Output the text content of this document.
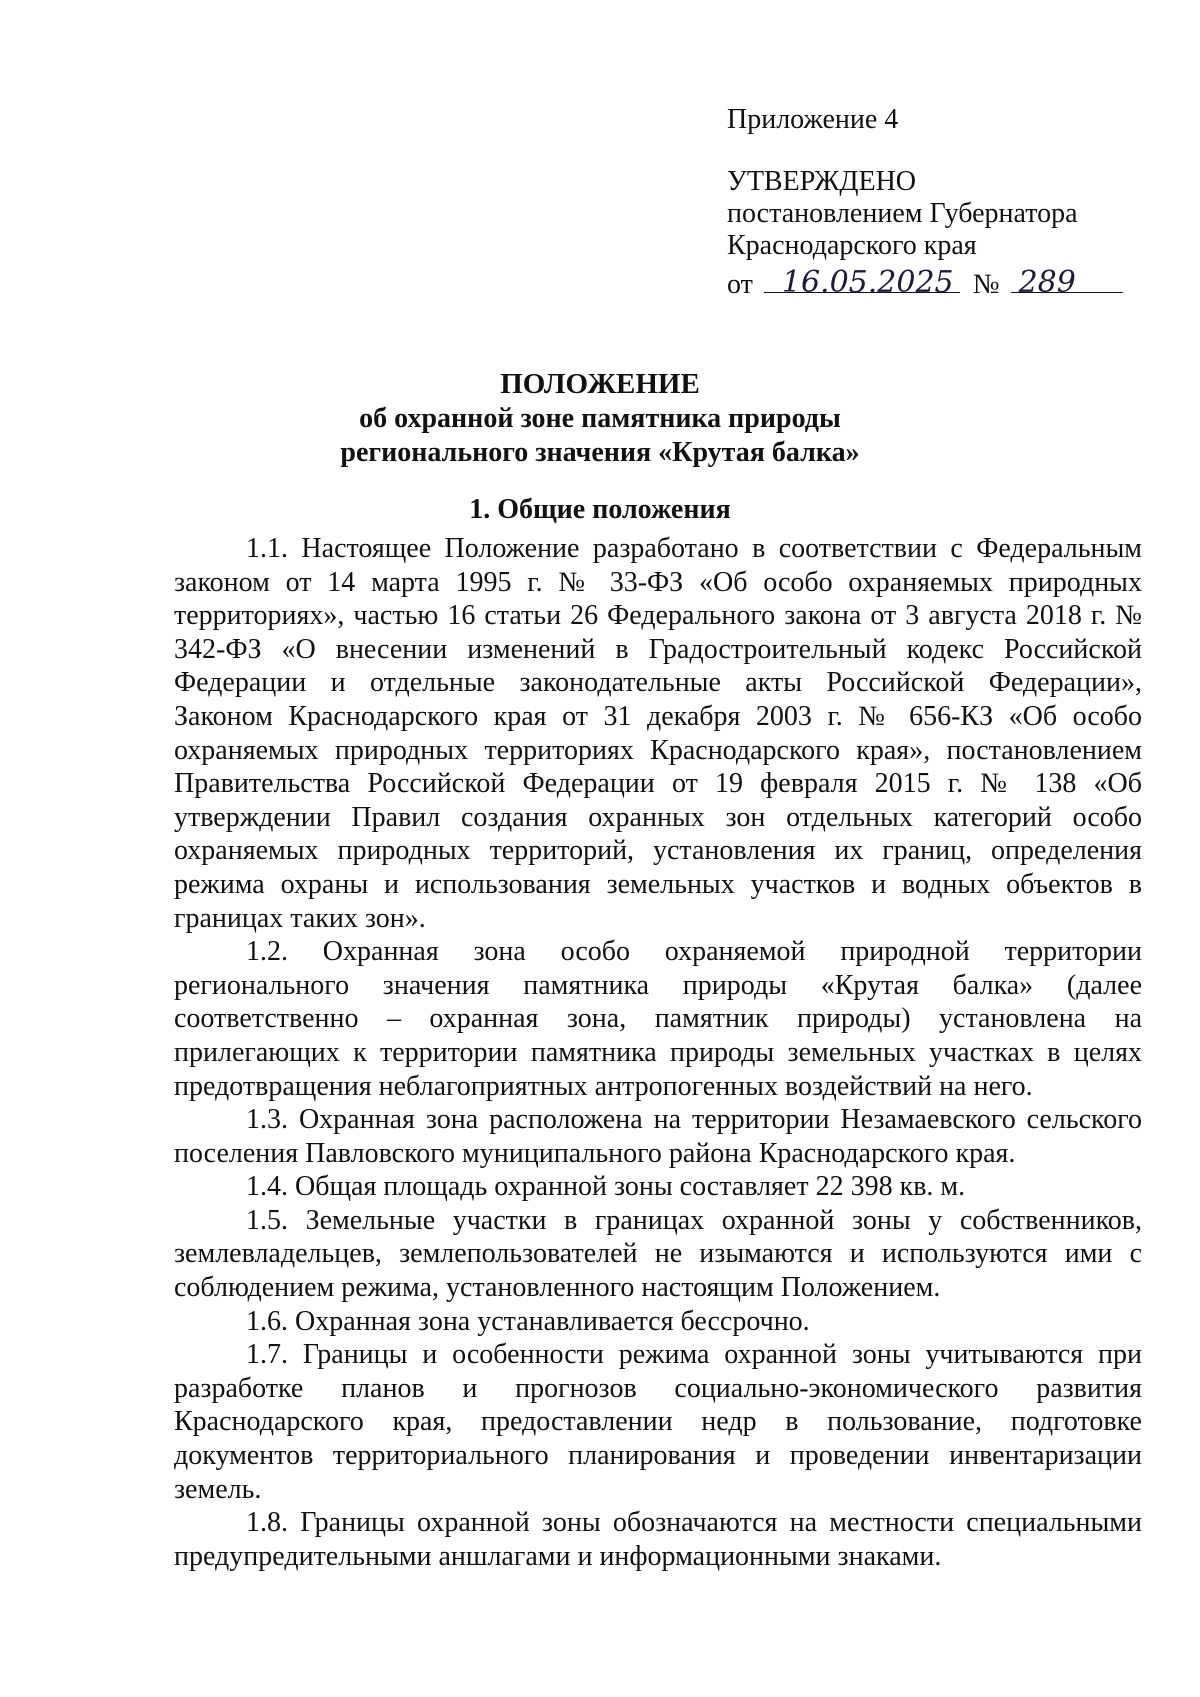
Приложение 4
УТВЕРЖДЕНО
постановлением Губернатора
Краснодарского края
от 16.05.2025 № 289
ПОЛОЖЕНИЕ
об охранной зоне памятника природы
регионального значения «Крутая балка»
1. Общие положения

1.1. Настоящее Положение разработано в соответствии с Федеральным законом от 14 марта 1995 г. № 33-ФЗ «Об особо охраняемых природных территориях», частью 16 статьи 26 Федерального закона от 3 августа 2018 г. № 342-ФЗ «О внесении изменений в Градостроительный кодекс Российской Федерации и отдельные законодательные акты Российской Федерации», Законом Краснодарского края от 31 декабря 2003 г. № 656-КЗ «Об особо охраняемых природных территориях Краснодарского края», постановлением Правительства Российской Федерации от 19 февраля 2015 г. № 138 «Об утверждении Правил создания охранных зон отдельных категорий особо охраняемых природных территорий, установления их границ, определения режима охраны и использования земельных участков и водных объектов в границах таких зон».

1.2. Охранная зона особо охраняемой природной территории регионального значения памятника природы «Крутая балка» (далее соответственно – охранная зона, памятник природы) установлена на прилегающих к территории памятника природы земельных участках в целях предотвращения неблагоприятных антропогенных воздействий на него.

1.3. Охранная зона расположена на территории Незамаевского сельского поселения Павловского муниципального района Краснодарского края.

1.4. Общая площадь охранной зоны составляет 22 398 кв. м.

1.5. Земельные участки в границах охранной зоны у собственников, землевладельцев, землепользователей не изымаются и используются ими с соблюдением режима, установленного настоящим Положением.

1.6. Охранная зона устанавливается бессрочно.

1.7. Границы и особенности режима охранной зоны учитываются при разработке планов и прогнозов социально-экономического развития Краснодарского края, предоставлении недр в пользование, подготовке документов территориального планирования и проведении инвентаризации земель.

1.8. Границы охранной зоны обозначаются на местности специальными предупредительными аншлагами и информационными знаками.
